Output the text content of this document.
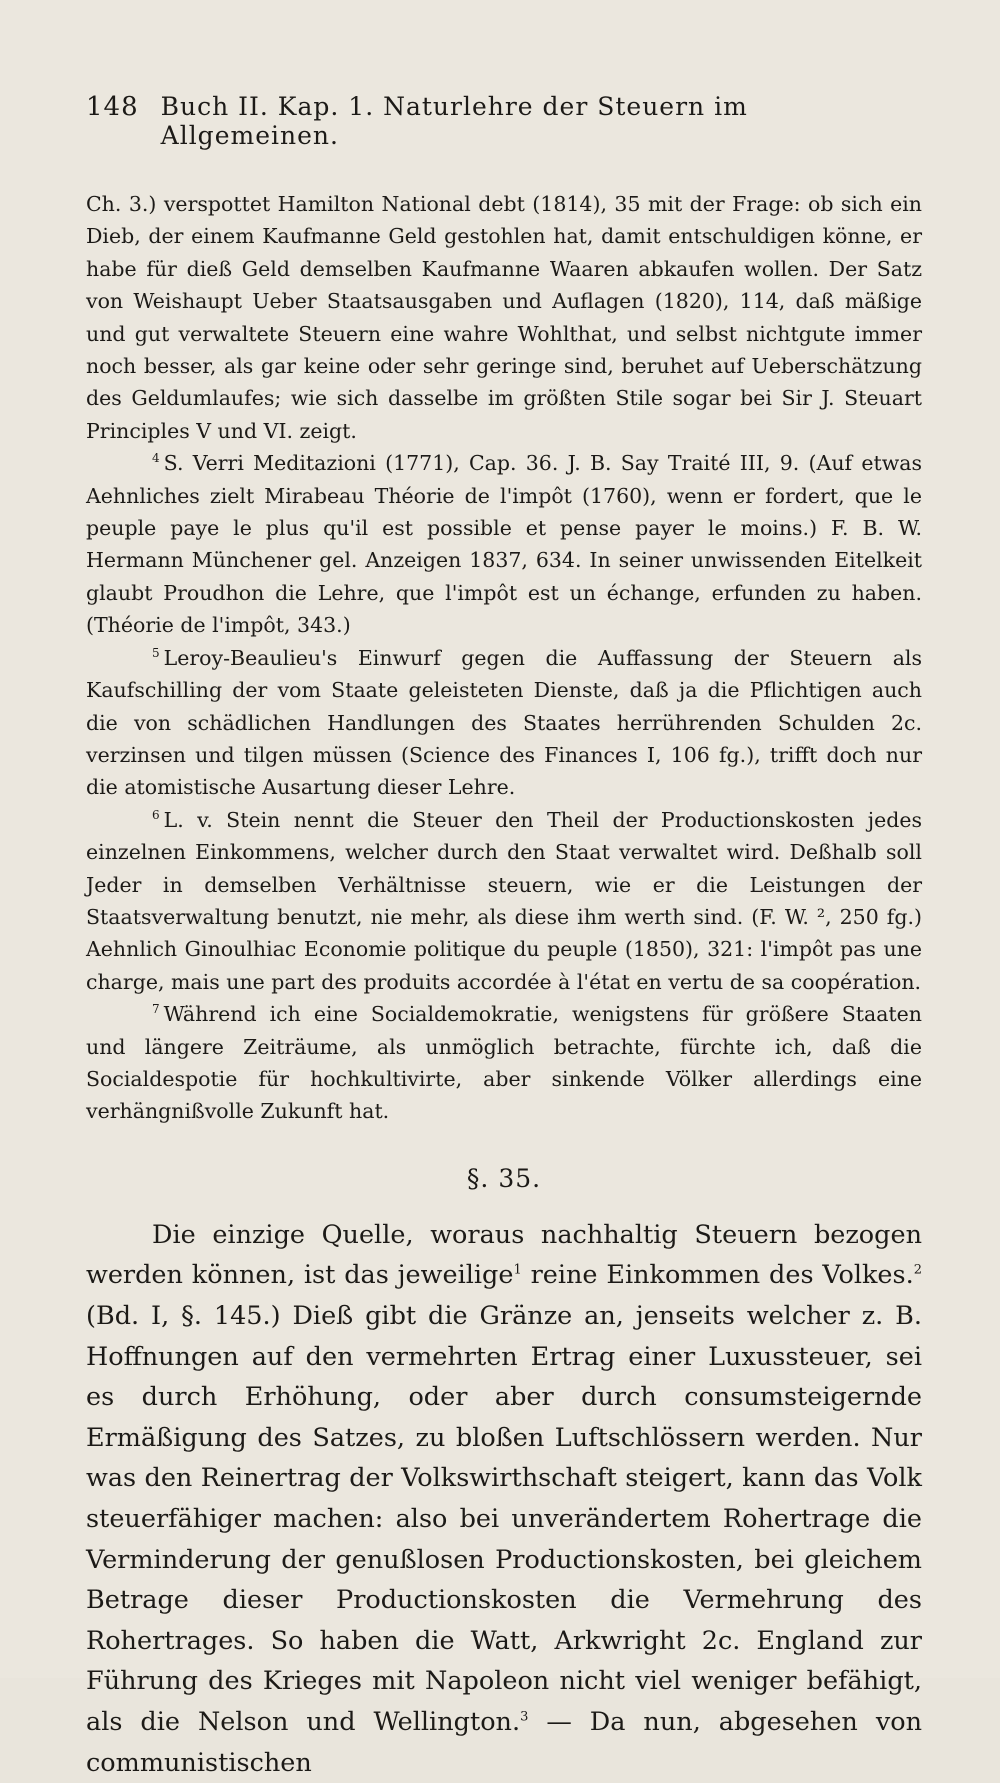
148 Buch II. Kap. 1. Naturlehre der Steuern im Allgemeinen.

Ch. 3.) verspottet Hamilton National debt (1814), 35 mit der Frage: ob sich ein Dieb, der einem Kaufmanne Geld gestohlen hat, damit entschuldigen könne, er habe für dieß Geld demselben Kaufmanne Waaren abkaufen wollen. Der Satz von Weishaupt Ueber Staatsausgaben und Auflagen (1820), 114, daß mäßige und gut verwaltete Steuern eine wahre Wohlthat, und selbst nichtgute immer noch besser, als gar keine oder sehr geringe sind, beruhet auf Ueberschätzung des Geldumlaufes; wie sich dasselbe im größten Stile sogar bei Sir J. Steuart Principles V und VI. zeigt.

$^4$ S. Verri Meditazioni (1771), Cap. 36. J. B. Say Traité III, 9. (Auf etwas Aehnliches zielt Mirabeau Théorie de l'impôt (1760), wenn er fordert, que le peuple paye le plus qu'il est possible et pense payer le moins.) F. B. W. Hermann Münchener gel. Anzeigen 1837, 634. In seiner unwissenden Eitelkeit glaubt Proudhon die Lehre, que l'impôt est un échange, erfunden zu haben. (Théorie de l'impôt, 343.)

$^5$ Leroy-Beaulieu's Einwurf gegen die Auffassung der Steuern als Kaufschilling der vom Staate geleisteten Dienste, daß ja die Pflichtigen auch die von schädlichen Handlungen des Staates herrührenden Schulden 2c. verzinsen und tilgen müssen (Science des Finances I, 106 fg.), trifft doch nur die atomistische Ausartung dieser Lehre.

$^6$ L. v. Stein nennt die Steuer den Theil der Productionskosten jedes einzelnen Einkommens, welcher durch den Staat verwaltet wird. Deßhalb soll Jeder in demselben Verhältnisse steuern, wie er die Leistungen der Staatsverwaltung benutzt, nie mehr, als diese ihm werth sind. (F. W. ², 250 fg.) Aehnlich Ginoulhiac Economie politique du peuple (1850), 321: l'impôt pas une charge, mais une part des produits accordée à l'état en vertu de sa coopération.

$^7$ Während ich eine Socialdemokratie, wenigstens für größere Staaten und längere Zeiträume, als unmöglich betrachte, fürchte ich, daß die Socialdespotie für hochkultivirte, aber sinkende Völker allerdings eine verhängnißvolle Zukunft hat.

§. 35.

Die einzige Quelle, woraus nachhaltig Steuern bezogen werden können, ist das jeweilige$^1$ reine Einkommen des Volkes.$^2$ (Bd. I, §. 145.) Dieß gibt die Gränze an, jenseits welcher z. B. Hoffnungen auf den vermehrten Ertrag einer Luxussteuer, sei es durch Erhöhung, oder aber durch consumsteigernde Ermäßigung des Satzes, zu bloßen Luftschlössern werden. Nur was den Reinertrag der Volkswirthschaft steigert, kann das Volk steuerfähiger machen: also bei unverändertem Rohertrage die Verminderung der genußlosen Productionskosten, bei gleichem Betrage dieser Productionskosten die Vermehrung des Rohertrages. So haben die Watt, Arkwright 2c. England zur Führung des Krieges mit Napoleon nicht viel weniger befähigt, als die Nelson und Wellington.$^3$ — Da nun, abgesehen von communistischen
